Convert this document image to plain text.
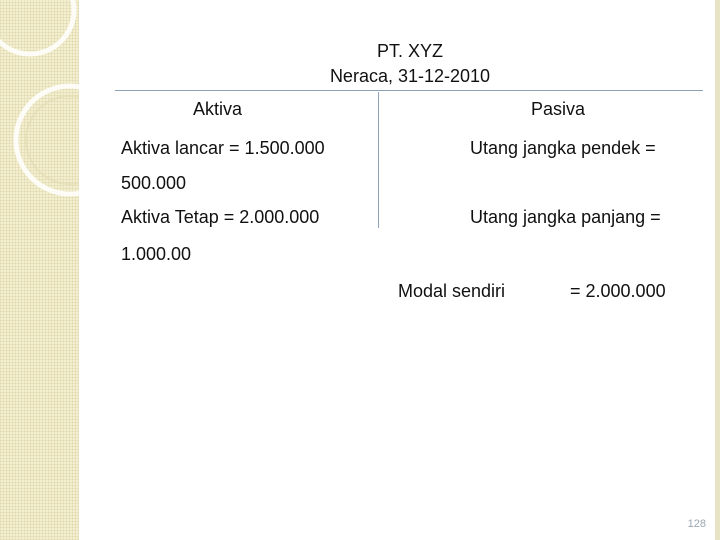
PT. XYZ
Neraca, 31-12-2010
Aktiva	Pasiva
Aktiva lancar = 1.500.000	Utang jangka pendek =
500.000
Aktiva Tetap = 2.000.000	Utang jangka panjang =
1.000.00
Modal sendiri	= 2.000.000
128
